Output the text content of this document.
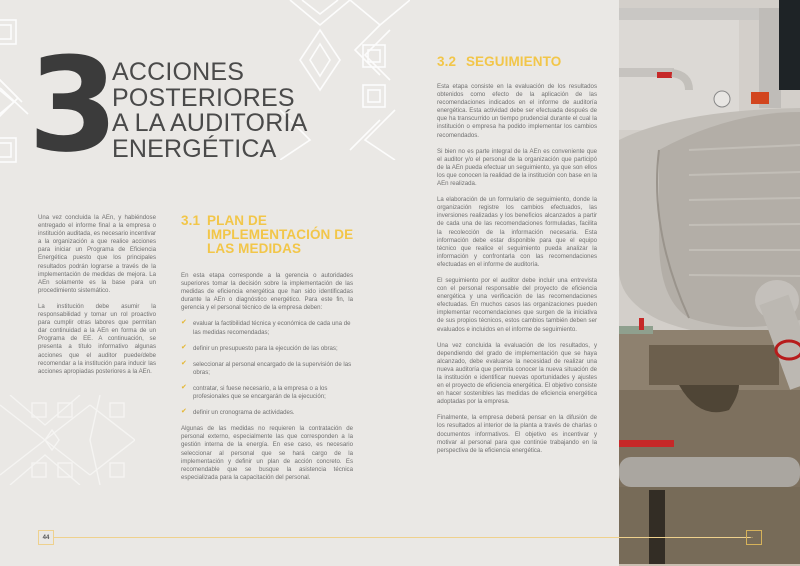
3
ACCIONES
POSTERIORES
A LA AUDITORÍA
ENERGÉTICA

Una vez concluida la AEn, y habiéndose entregado el informe final a la empresa o institución auditada, es necesario incentivar a la organización a que realice acciones para iniciar un Programa de Eficiencia Energética puesto que los principales resultados podrán lograrse a través de la implementación de medidas de mejora. La AEn solamente es la base para un procedimiento sistemático.

La institución debe asumir la responsabilidad y tomar un rol proactivo para cumplir otras labores que permitan dar continuidad a la AEn en forma de un Programa de EE. A continuación, se presenta a título informativo algunas acciones que el auditor puede/debe recomendar a la institución para inducir las acciones apropiadas posteriores a la AEn.

3.1 PLAN DE
IMPLEMENTACIÓN DE
LAS MEDIDAS

En esta etapa corresponde a la gerencia o autoridades superiores tomar la decisión sobre la implementación de las medidas de eficiencia energética que han sido identificadas durante la AEn o diagnóstico energético. Para este fin, la gerencia y el personal técnico de la empresa deben:

✔ evaluar la factibilidad técnica y económica de cada una de las medidas recomendadas;
✔ definir un presupuesto para la ejecución de las obras;
✔ seleccionar al personal encargado de la supervisión de las obras;
✔ contratar, si fuese necesario, a la empresa o a los profesionales que se encargarán de la ejecución;
✔ definir un cronograma de actividades.

Algunas de las medidas no requieren la contratación de personal externo, especialmente las que corresponden a la gestión interna de la energía. En ese caso, es necesario seleccionar al personal que se hará cargo de la implementación y definir un plan de acción concreto. Es recomendable que se busque la asistencia técnica especializada para la capacitación del personal.

3.2 SEGUIMIENTO

Esta etapa consiste en la evaluación de los resultados obtenidos como efecto de la aplicación de las recomendaciones indicados en el informe de auditoría energética. Esta actividad debe ser efectuada después de que ha transcurrido un tiempo prudencial durante el cual la institución o empresa ha podido implementar los cambios recomendados.

Si bien no es parte integral de la AEn es conveniente que el auditor y/o el personal de la organización que participó de la AEn pueda efectuar un seguimiento, ya que son ellos los que conocen la realidad de la institución con base en la AEn realizada.

La elaboración de un formulario de seguimiento, donde la organización registre los cambios efectuados, las inversiones realizadas y los beneficios alcanzados a partir de cada una de las recomendaciones formuladas, facilita la recolección de la información necesaria. Esta información debe estar disponible para que el equipo técnico que realice el seguimiento pueda analizar la información y confrontarla con las recomendaciones efectuadas en el informe de auditoría.

El seguimiento por el auditor debe incluir una entrevista con el personal responsable del proyecto de eficiencia energética y una verificación de las recomendaciones efectuadas. En muchos casos las organizaciones pueden implementar recomendaciones que surgen de la iniciativa de sus propios técnicos, estos cambios también deben ser evaluados e incluidos en el informe de seguimiento.

Una vez concluida la evaluación de los resultados, y dependiendo del grado de implementación que se haya alcanzado, debe evaluarse la necesidad de realizar una nueva auditoría que permita conocer la nueva situación de la institución e identificar nuevas oportunidades y ajustes en el proyecto de eficiencia energética. El objetivo consiste en hacer sostenibles las medidas de eficiencia energética adoptadas por la empresa.

Finalmente, la empresa deberá pensar en la difusión de los resultados al interior de la planta a través de charlas o documentos informativos. El objetivo es incentivar y motivar al personal para que continúe trabajando en la perspectiva de la eficiencia energética.

44	45
